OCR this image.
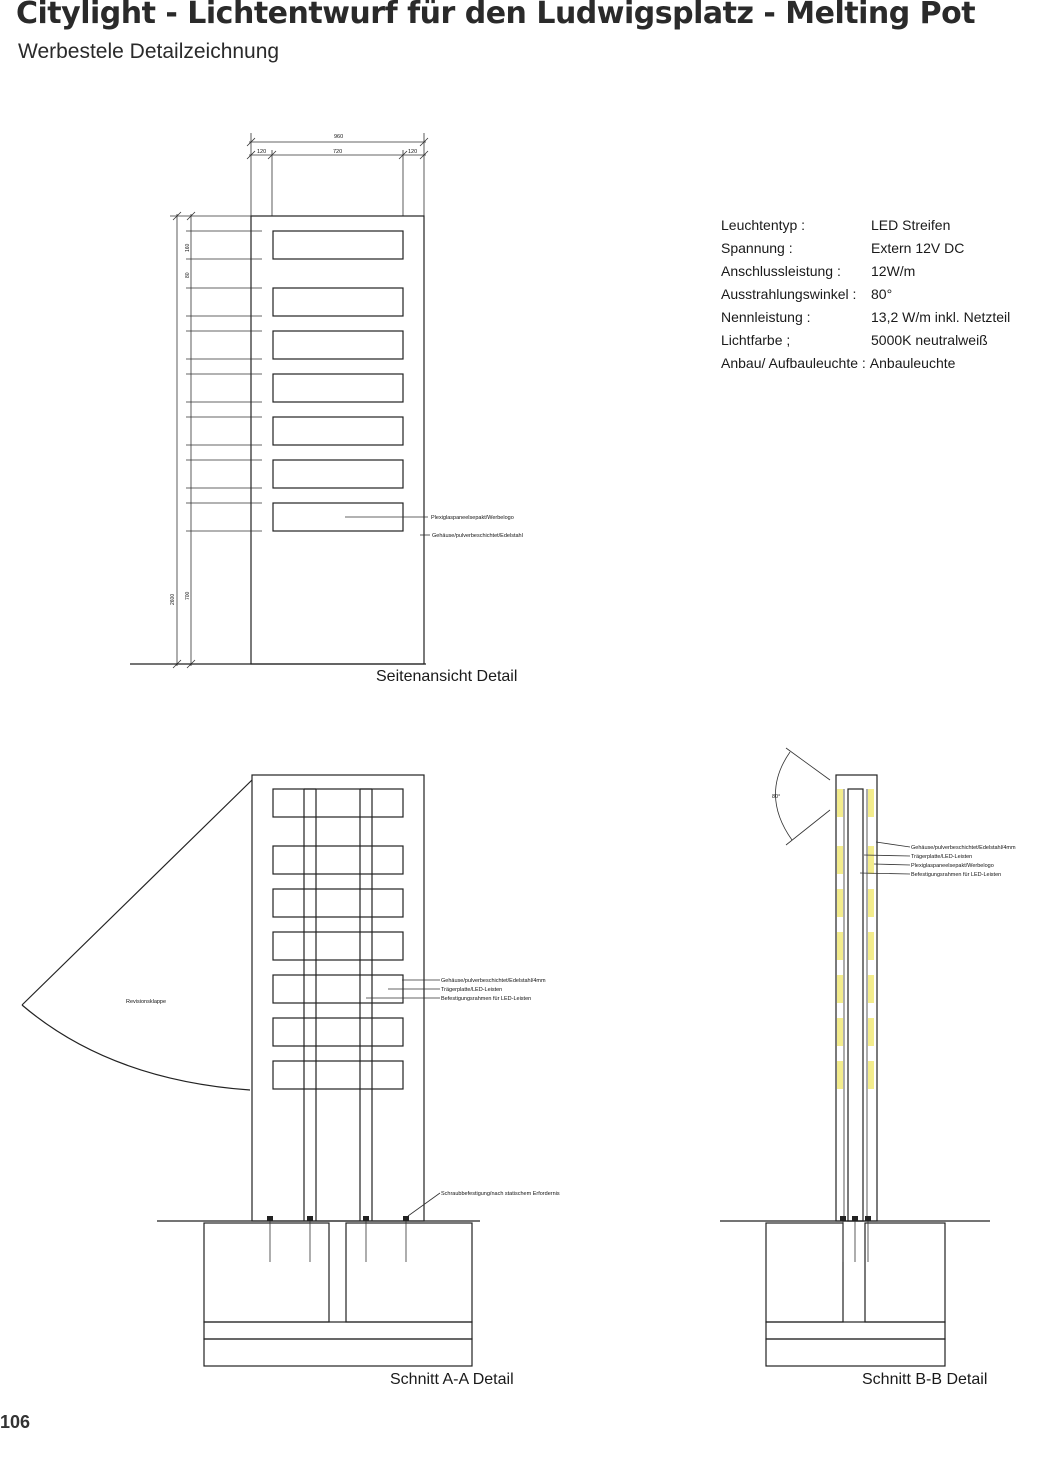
Citylight - Lichtentwurf für den Ludwigsplatz - Melting Pot
Werbestele Detailzeichnung
Leuchtentyp :	LED Streifen
Spannung :	Extern 12V DC
Anschlussleistung :	12W/m
Ausstrahlungswinkel :	80°
Nennleistung :	13,2 W/m inkl. Netzteil
Lichtfarbe ;	5000K neutralweiß
Anbau/ Aufbauleuchte : Anbauleuchte
960
120	720	120
2600 700
160
80
Plexiglaspaneelsepakt/Werbelogo
Gehäuse/pulverbeschichtet/Edelstahl
Revisionsklappe
Gehäuse/pulverbeschichtet/Edelstahl/4mm
Trägerplatte/LED-Leisten
Befestigungsrahmen für LED-Leisten
Schraubbefestigung/nach statischem Erfordernis
80°
Gehäuse/pulverbeschichtet/Edelstahl/4mm
Trägerplatte/LED-Leisten
Plexiglaspaneelsepakt/Werbelogo
Befestigungsrahmen für LED-Leisten
Seitenansicht Detail
Schnitt A-A Detail	Schnitt B-B Detail
106
